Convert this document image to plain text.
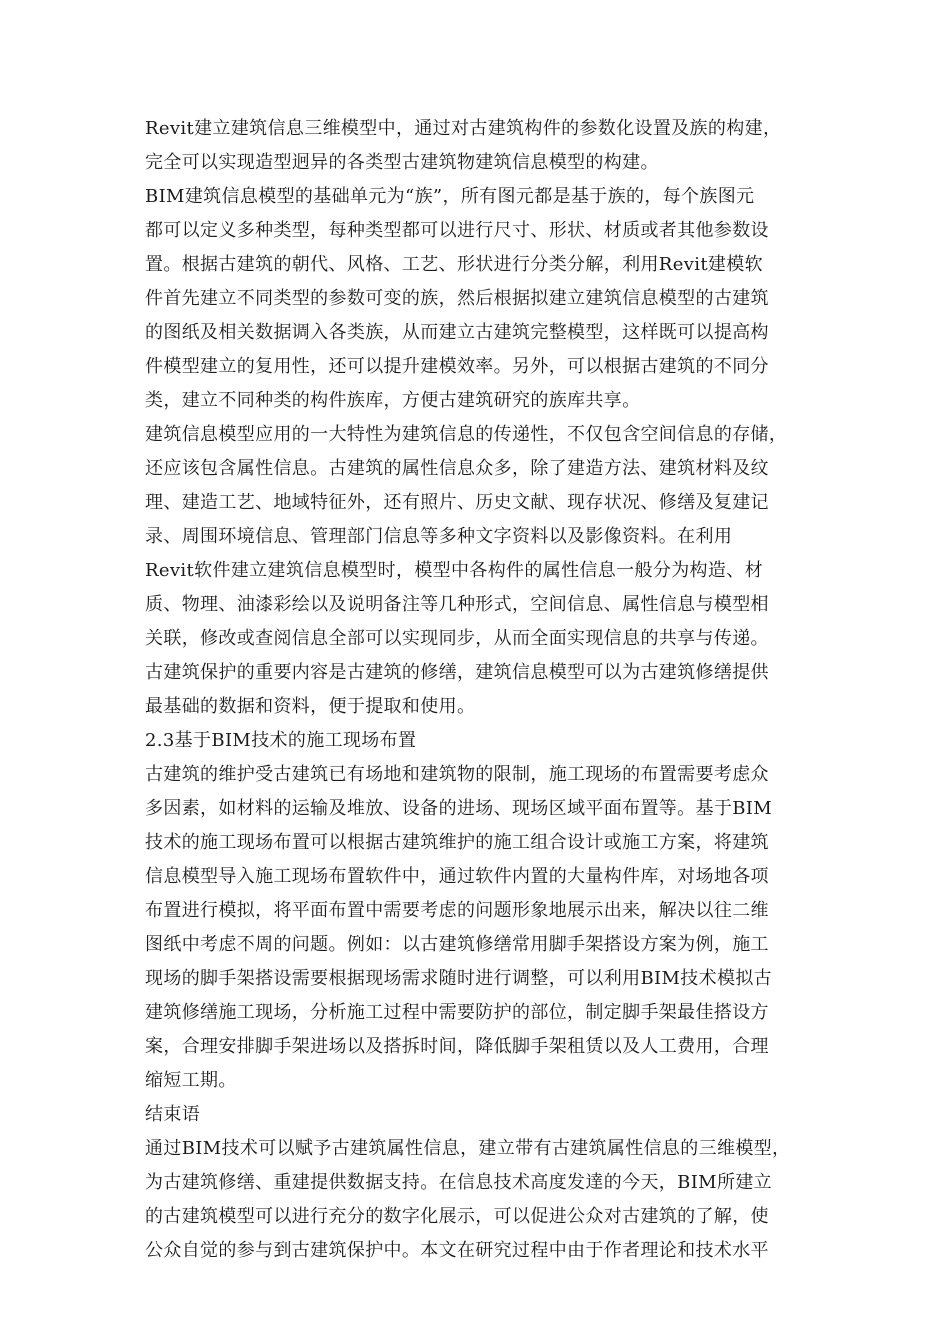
Revit建立建筑信息三维模型中，通过对古建筑构件的参数化设置及族的构建，
完全可以实现造型迥异的各类型古建筑物建筑信息模型的构建。
BIM建筑信息模型的基础单元为“族”，所有图元都是基于族的，每个族图元
都可以定义多种类型，每种类型都可以进行尺寸、形状、材质或者其他参数设
置。根据古建筑的朝代、风格、工艺、形状进行分类分解，利用Revit建模软
件首先建立不同类型的参数可变的族，然后根据拟建立建筑信息模型的古建筑
的图纸及相关数据调入各类族，从而建立古建筑完整模型，这样既可以提高构
件模型建立的复用性，还可以提升建模效率。另外，可以根据古建筑的不同分
类，建立不同种类的构件族库，方便古建筑研究的族库共享。
建筑信息模型应用的一大特性为建筑信息的传递性，不仅包含空间信息的存储，
还应该包含属性信息。古建筑的属性信息众多，除了建造方法、建筑材料及纹
理、建造工艺、地域特征外，还有照片、历史文献、现存状况、修缮及复建记
录、周围环境信息、管理部门信息等多种文字资料以及影像资料。在利用
Revit软件建立建筑信息模型时，模型中各构件的属性信息一般分为构造、材
质、物理、油漆彩绘以及说明备注等几种形式，空间信息、属性信息与模型相
关联，修改或查阅信息全部可以实现同步，从而全面实现信息的共享与传递。
古建筑保护的重要内容是古建筑的修缮，建筑信息模型可以为古建筑修缮提供
最基础的数据和资料，便于提取和使用。
2.3基于BIM技术的施工现场布置
古建筑的维护受古建筑已有场地和建筑物的限制，施工现场的布置需要考虑众
多因素，如材料的运输及堆放、设备的进场、现场区域平面布置等。基于BIM
技术的施工现场布置可以根据古建筑维护的施工组合设计或施工方案，将建筑
信息模型导入施工现场布置软件中，通过软件内置的大量构件库，对场地各项
布置进行模拟，将平面布置中需要考虑的问题形象地展示出来，解决以往二维
图纸中考虑不周的问题。例如：以古建筑修缮常用脚手架搭设方案为例，施工
现场的脚手架搭设需要根据现场需求随时进行调整，可以利用BIM技术模拟古
建筑修缮施工现场，分析施工过程中需要防护的部位，制定脚手架最佳搭设方
案，合理安排脚手架进场以及搭拆时间，降低脚手架租赁以及人工费用，合理
缩短工期。
结束语
通过BIM技术可以赋予古建筑属性信息，建立带有古建筑属性信息的三维模型，
为古建筑修缮、重建提供数据支持。在信息技术高度发達的今天，BIM所建立
的古建筑模型可以进行充分的数字化展示，可以促进公众对古建筑的了解，使
公众自觉的参与到古建筑保护中。本文在研究过程中由于作者理论和技术水平
